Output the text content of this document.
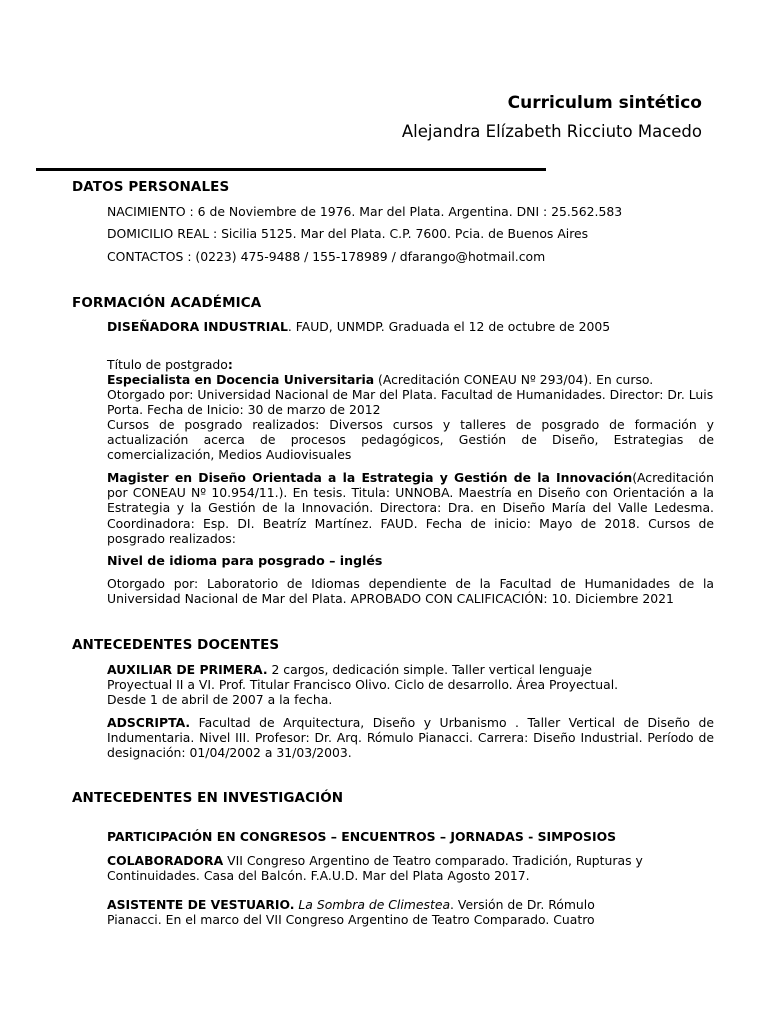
Curriculum sintético
Alejandra Elízabeth Ricciuto Macedo
DATOS PERSONALES
NACIMIENTO : 6 de Noviembre de 1976. Mar del Plata. Argentina. DNI : 25.562.583
DOMICILIO REAL : Sicilia 5125. Mar del Plata. C.P. 7600. Pcia. de Buenos Aires
CONTACTOS : (0223) 475-9488 / 155-178989 / dfarango@hotmail.com
FORMACIÓN ACADÉMICA
DISEÑADORA INDUSTRIAL. FAUD, UNMDP. Graduada el 12 de octubre de 2005
Título de postgrado:
Especialista en Docencia Universitaria (Acreditación CONEAU Nº 293/04). En curso. Otorgado por: Universidad Nacional de Mar del Plata. Facultad de Humanidades. Director: Dr. Luis Porta. Fecha de Inicio: 30 de marzo de 2012
Cursos de posgrado realizados: Diversos cursos y talleres de posgrado de formación y actualización acerca de procesos pedagógicos, Gestión de Diseño, Estrategias de comercialización, Medios Audiovisuales
Magister en Diseño Orientada a la Estrategia y Gestión de la Innovación(Acreditación por CONEAU Nº 10.954/11.). En tesis. Titula: UNNOBA. Maestría en Diseño con Orientación a la Estrategia y la Gestión de la Innovación. Directora: Dra. en Diseño María del Valle Ledesma. Coordinadora: Esp. DI. Beatríz Martínez. FAUD. Fecha de inicio: Mayo de 2018. Cursos de posgrado realizados:
Nivel de idioma para posgrado – inglés
Otorgado por: Laboratorio de Idiomas dependiente de la Facultad de Humanidades de la Universidad Nacional de Mar del Plata. APROBADO CON CALIFICACIÓN: 10. Diciembre 2021
ANTECEDENTES DOCENTES
AUXILIAR DE PRIMERA. 2 cargos, dedicación simple. Taller vertical lenguaje
Proyectual II a VI. Prof. Titular Francisco Olivo. Ciclo de desarrollo. Área Proyectual.
Desde 1 de abril de 2007 a la fecha.
ADSCRIPTA. Facultad de Arquitectura, Diseño y Urbanismo . Taller Vertical de Diseño de Indumentaria. Nivel III. Profesor: Dr. Arq. Rómulo Pianacci. Carrera: Diseño Industrial. Período de designación: 01/04/2002 a 31/03/2003.
ANTECEDENTES EN INVESTIGACIÓN
PARTICIPACIÓN EN CONGRESOS – ENCUENTROS – JORNADAS - SIMPOSIOS
COLABORADORA VII Congreso Argentino de Teatro comparado. Tradición, Rupturas y
Continuidades. Casa del Balcón. F.A.U.D. Mar del Plata Agosto 2017.
ASISTENTE DE VESTUARIO. La Sombra de Climestea. Versión de Dr. Rómulo
Pianacci. En el marco del VII Congreso Argentino de Teatro Comparado. Cuatro
